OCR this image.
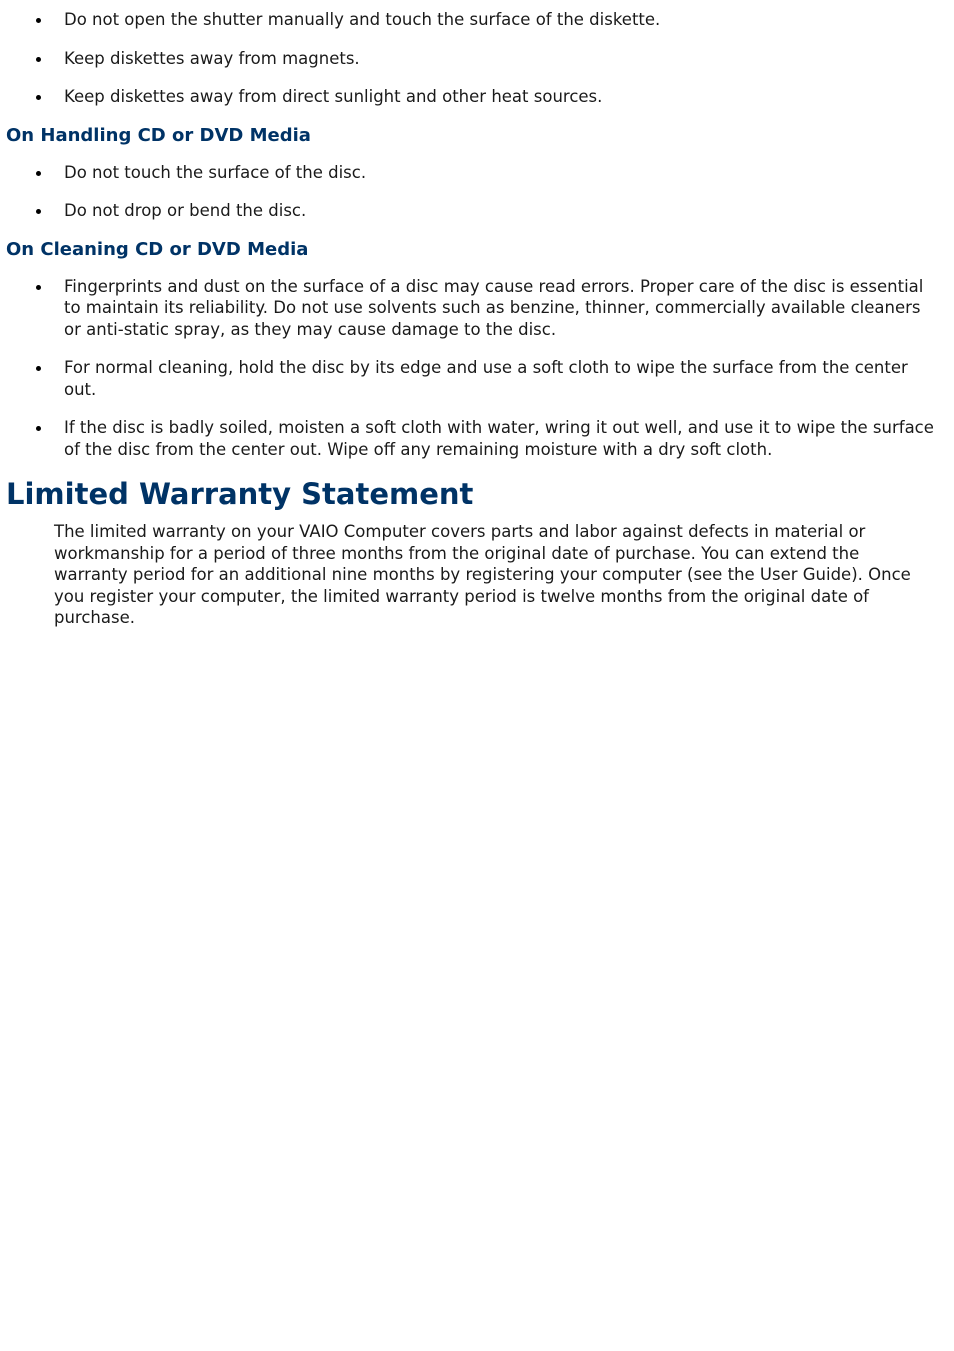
Do not open the shutter manually and touch the surface of the diskette.
Keep diskettes away from magnets.
Keep diskettes away from direct sunlight and other heat sources.
On Handling CD or DVD Media
Do not touch the surface of the disc.
Do not drop or bend the disc.
On Cleaning CD or DVD Media
Fingerprints and dust on the surface of a disc may cause read errors. Proper care of the disc is essential to maintain its reliability. Do not use solvents such as benzine, thinner, commercially available cleaners or anti-static spray, as they may cause damage to the disc.
For normal cleaning, hold the disc by its edge and use a soft cloth to wipe the surface from the center out.
If the disc is badly soiled, moisten a soft cloth with water, wring it out well, and use it to wipe the surface of the disc from the center out. Wipe off any remaining moisture with a dry soft cloth.
Limited Warranty Statement

The limited warranty on your VAIO Computer covers parts and labor against defects in material or workmanship for a period of three months from the original date of purchase. You can extend the warranty period for an additional nine months by registering your computer (see the User Guide). Once you register your computer, the limited warranty period is twelve months from the original date of purchase.
